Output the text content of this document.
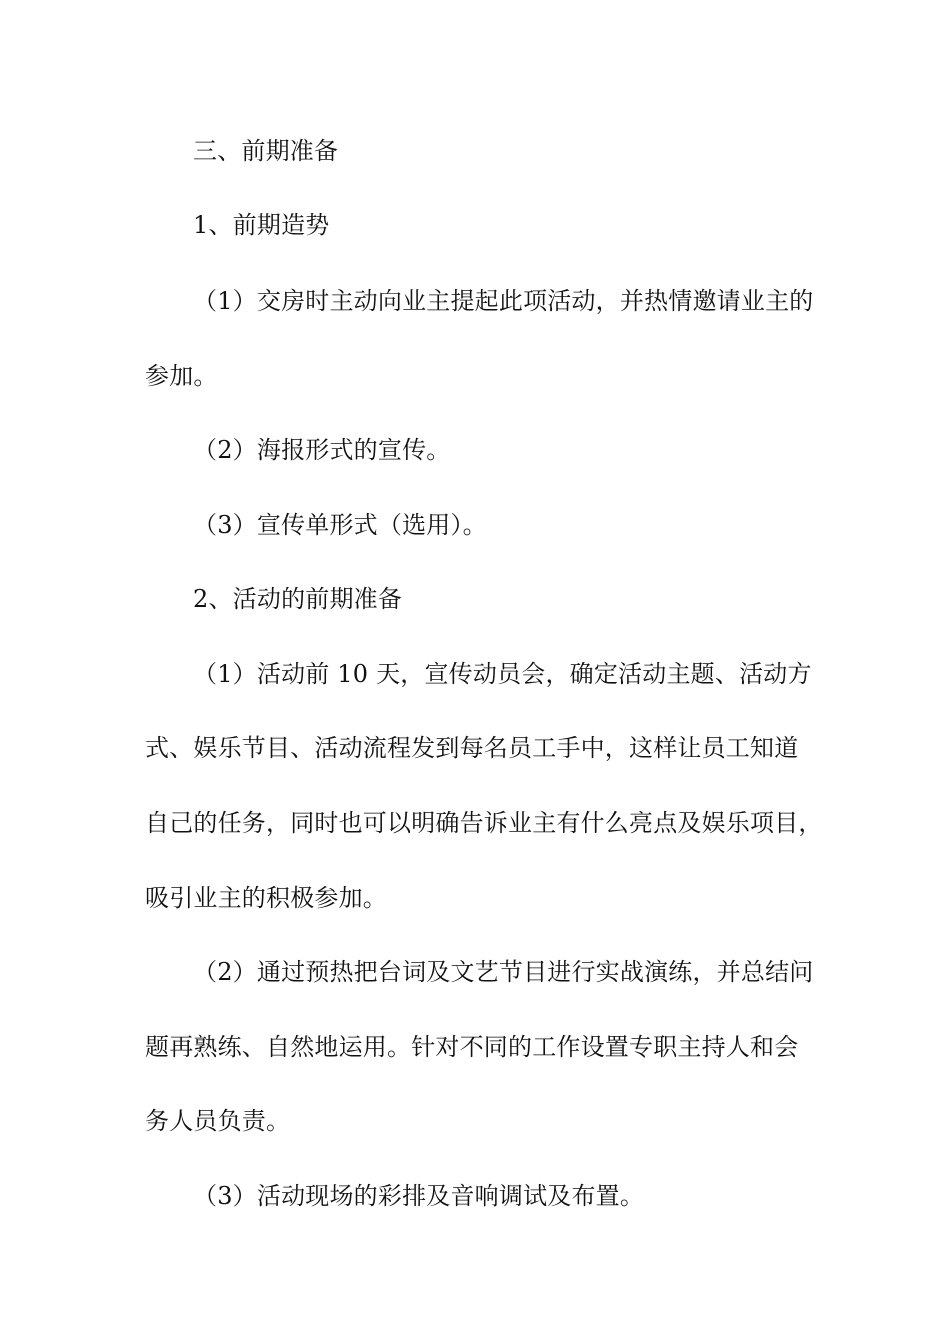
三、前期准备
1、前期造势
（1）交房时主动向业主提起此项活动，并热情邀请业主的
参加。
（2）海报形式的宣传。
（3）宣传单形式（选用）。
2、活动的前期准备
（1）活动前 10 天，宣传动员会，确定活动主题、活动方
式、娱乐节目、活动流程发到每名员工手中，这样让员工知道
自己的任务，同时也可以明确告诉业主有什么亮点及娱乐项目，
吸引业主的积极参加。
（2）通过预热把台词及文艺节目进行实战演练，并总结问
题再熟练、自然地运用。针对不同的工作设置专职主持人和会
务人员负责。
（3）活动现场的彩排及音响调试及布置。
